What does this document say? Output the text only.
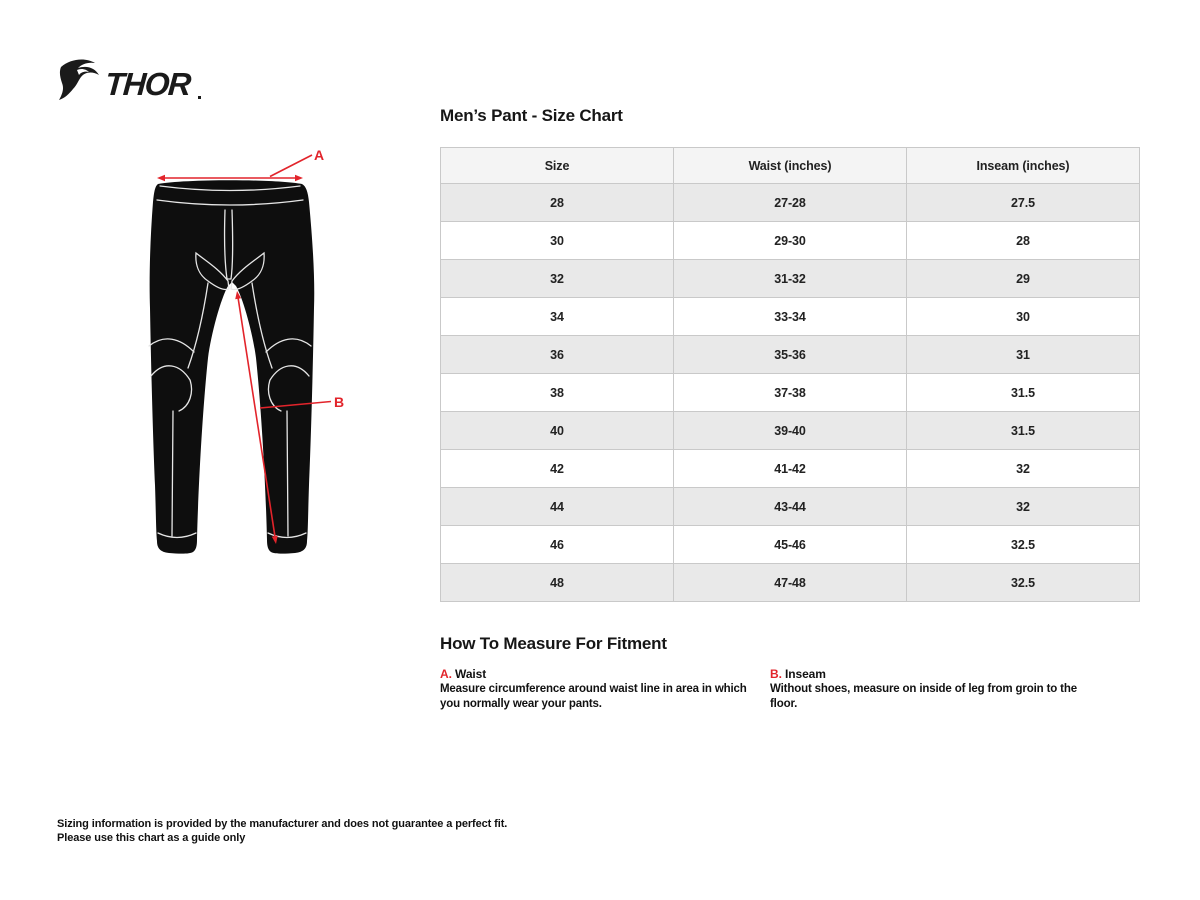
THOR
A
B
Men’s Pant - Size Chart
Size	Waist (inches)	Inseam (inches)
28	27-28	27.5
30	29-30	28
32	31-32	29
34	33-34	30
36	35-36	31
38	37-38	31.5
40	39-40	31.5
42	41-42	32
44	43-44	32
46	45-46	32.5
48	47-48	32.5
How To Measure For Fitment
A. Waist
Measure circumference around waist line in area in which you normally wear your pants.
B. Inseam
Without shoes, measure on inside of leg from groin to the floor.
Sizing information is provided by the manufacturer and does not guarantee a perfect fit.
Please use this chart as a guide only
